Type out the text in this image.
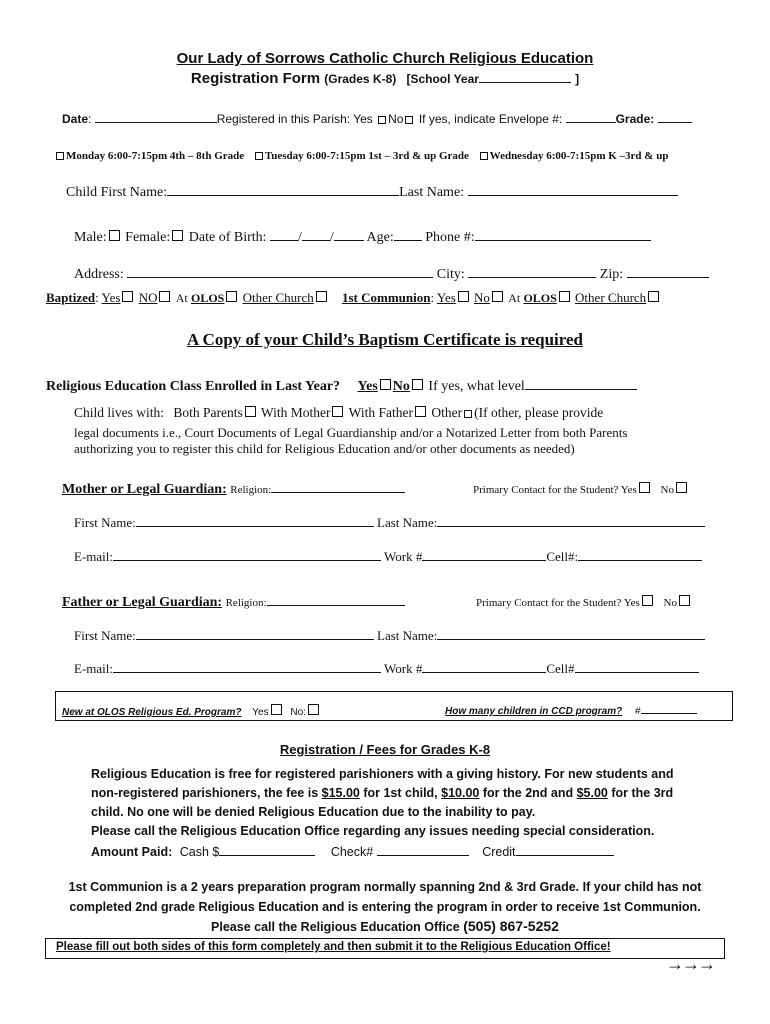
Our Lady of Sorrows Catholic Church Religious Education
Registration Form (Grades K-8) [School Year	]
Date:	Registered in this Parish: Yes No If yes, indicate Envelope #:	Grade:
Monday 6:00-7:15pm 4th – 8th Grade Tuesday 6:00-7:15pm 1st – 3rd & up Grade Wednesday 6:00-7:15pm K –3rd & up
Child First Name:	Last Name:
Male: Female: Date of Birth: / / Age: Phone #:
Address:	City:	Zip:
Baptized: Yes NO At OLOS Other Church 1st Communion: Yes No At OLOS Other Church
A Copy of your Child’s Baptism Certificate is required
Religious Education Class Enrolled in Last Year? Yes No If yes, what level
Child lives with: Both Parents With Mother With Father Other (If other, please provide
legal documents i.e., Court Documents of Legal Guardianship and/or a Notarized Letter from both Parents
authorizing you to register this child for Religious Education and/or other documents as needed)
Mother or Legal Guardian: Religion:	Primary Contact for the Student? Yes No
First Name:	Last Name:
E-mail:	Work #	Cell#:
Father or Legal Guardian: Religion:	Primary Contact for the Student? Yes No
First Name:	Last Name:
E-mail:	Work #	Cell#
New at OLOS Religious Ed. Program? Yes No:	How many children in CCD program? #
Registration / Fees for Grades K-8
Religious Education is free for registered parishioners with a giving history. For new students and
non-registered parishioners, the fee is $15.00 for 1st child, $10.00 for the 2nd and $5.00 for the 3rd
child. No one will be denied Religious Education due to the inability to pay.
Please call the Religious Education Office regarding any issues needing special consideration.
Amount Paid: Cash $	Check#	Credit
1st Communion is a 2 years preparation program normally spanning 2nd & 3rd Grade. If your child has not
completed 2nd grade Religious Education and is entering the program in order to receive 1st Communion.
Please call the Religious Education Office (505) 867-5252
Please fill out both sides of this form completely and then submit it to the Religious Education Office!
→→→
